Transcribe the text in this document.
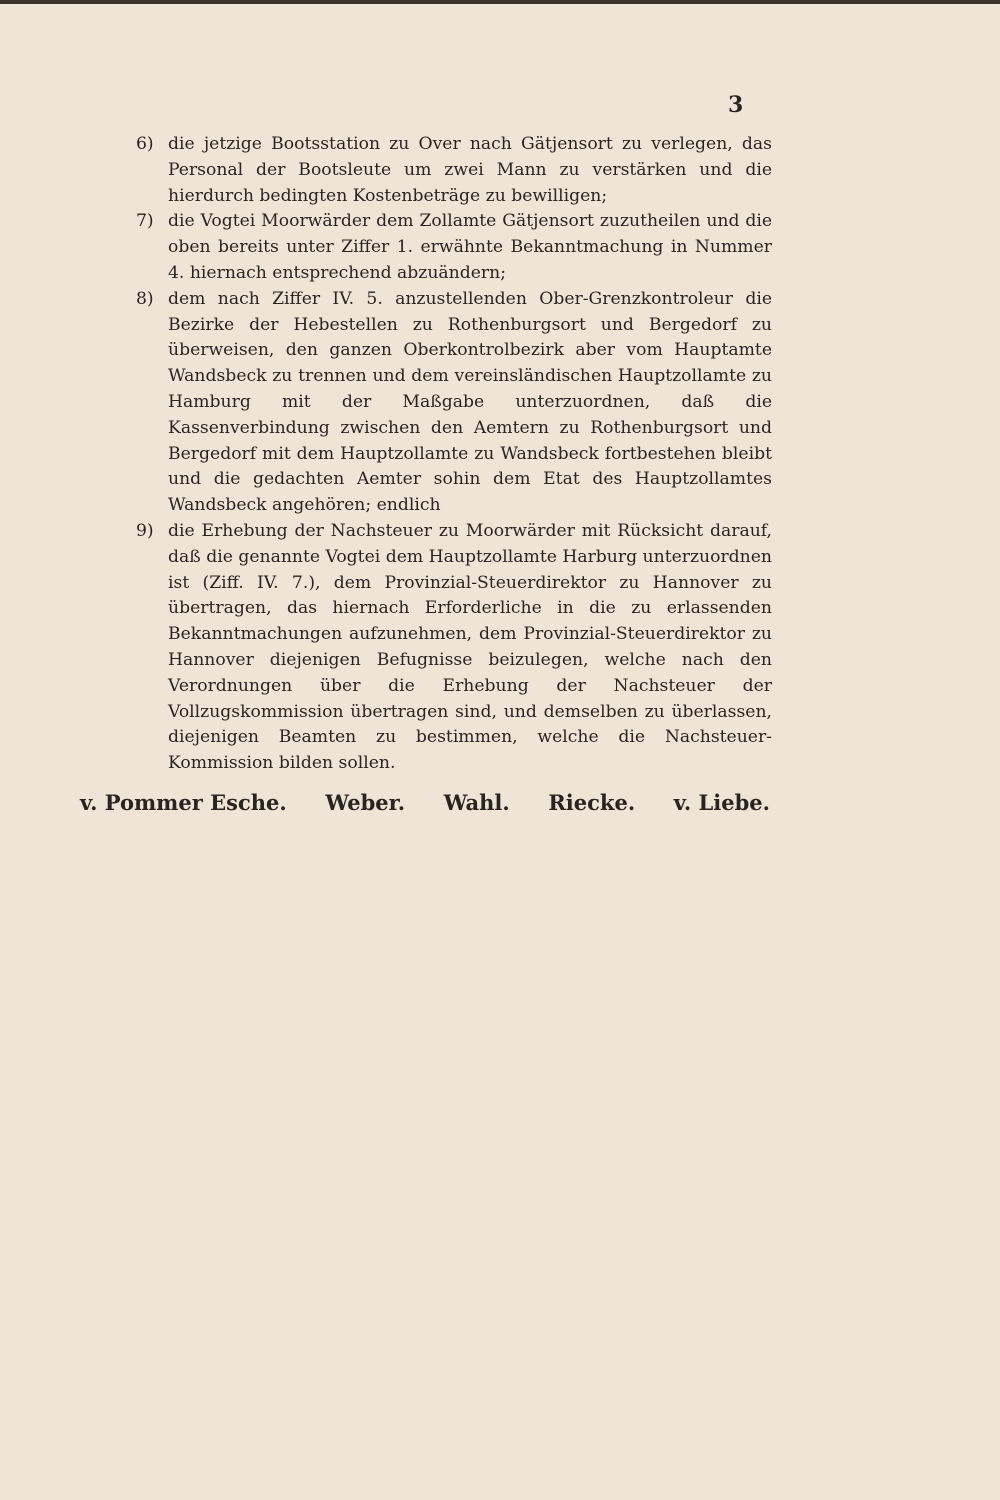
3

6) die jetzige Bootsstation zu Over nach Gätjensort zu verlegen, das Personal der Bootsleute um zwei Mann zu verstärken und die hierdurch bedingten Kostenbeträge zu bewilligen;

7) die Vogtei Moorwärder dem Zollamte Gätjensort zuzutheilen und die oben bereits unter Ziffer 1. erwähnte Bekanntmachung in Nummer 4. hiernach entsprechend abzuändern;

8) dem nach Ziffer IV. 5. anzustellenden Ober-Grenzkontroleur die Bezirke der Hebestellen zu Rothenburgsort und Bergedorf zu überweisen, den ganzen Oberkontrolbezirk aber vom Hauptamte Wandsbeck zu trennen und dem vereinsländischen Hauptzollamte zu Hamburg mit der Maßgabe unterzuordnen, daß die Kassenverbindung zwischen den Aemtern zu Rothenburgsort und Bergedorf mit dem Hauptzollamte zu Wandsbeck fortbestehen bleibt und die gedachten Aemter sohin dem Etat des Hauptzollamtes Wandsbeck angehören; endlich

9) die Erhebung der Nachsteuer zu Moorwärder mit Rücksicht darauf, daß die genannte Vogtei dem Hauptzollamte Harburg unterzuordnen ist (Ziff. IV. 7.), dem Provinzial-Steuerdirektor zu Hannover zu übertragen, das hiernach Erforderliche in die zu erlassenden Bekanntmachungen aufzunehmen, dem Provinzial-Steuerdirektor zu Hannover diejenigen Befugnisse beizulegen, welche nach den Verordnungen über die Erhebung der Nachsteuer der Vollzugskommission übertragen sind, und demselben zu überlassen, diejenigen Beamten zu bestimmen, welche die Nachsteuer-Kommission bilden sollen.

v. Pommer Esche. Weber. Wahl. Riecke. v. Liebe.
